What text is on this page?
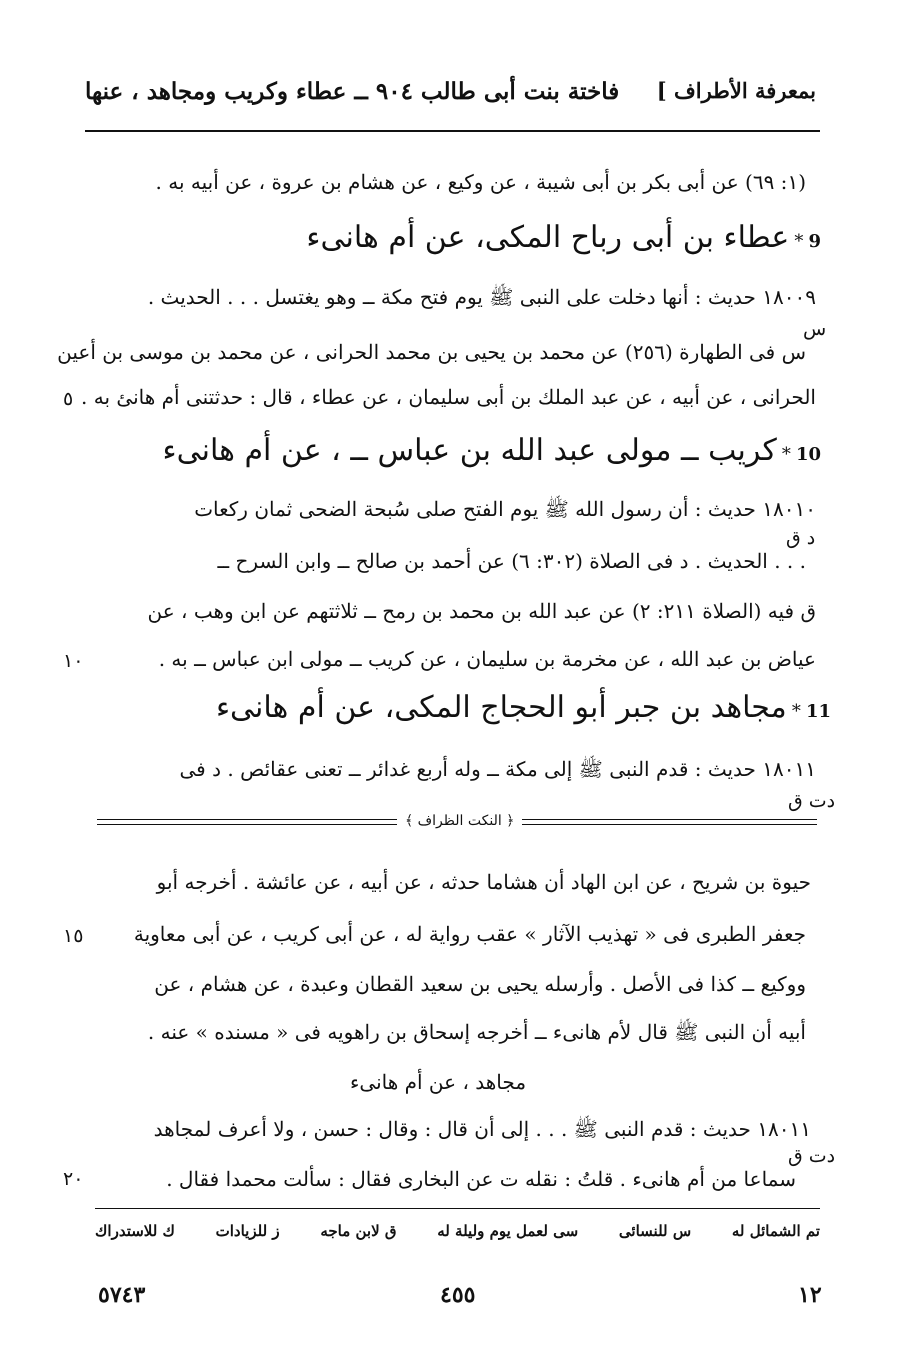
فاختة بنت أبى طالب ٩٠٤ ــ عطاء وكريب ومجاهد ، عنها بمعرفة الأطراف ]
(١: ٦٩) عن أبى بكر بن أبى شيبة ، عن وكيع ، عن هشام بن عروة ، عن أبيه به .
9 * عطاء بن أبى رباح المكى، عن أم هانىء
١٨٠٠٩ حديث : أنها دخلت على النبى ﷺ يوم فتح مكة ــ وهو يغتسل . . . الحديث .
س فى الطهارة (٢٥٦) عن محمد بن يحيى بن محمد الحرانى ، عن محمد بن موسى بن أعين
الحرانى ، عن أبيه ، عن عبد الملك بن أبى سليمان ، عن عطاء ، قال : حدثتنى أم هانئ به .
10 * كريب ــ مولى عبد الله بن عباس ــ ، عن أم هانىء
١٨٠١٠ حديث : أن رسول الله ﷺ يوم الفتح صلى سُبحة الضحى ثمان ركعات
. . . الحديث . د فى الصلاة (٣٠٢: ٦) عن أحمد بن صالح ــ وابن السرح ــ
ق فيه (الصلاة ٢١١: ٢) عن عبد الله بن محمد بن رمح ــ ثلاثتهم عن ابن وهب ، عن
عياض بن عبد الله ، عن مخرمة بن سليمان ، عن كريب ــ مولى ابن عباس ــ به .
11 * مجاهد بن جبر أبو الحجاج المكى، عن أم هانىء
١٨٠١١ حديث : قدم النبى ﷺ إلى مكة ــ وله أربع غدائر ــ تعنى عقائص . د فى
س
د ق
دت ق
دت ق
٥
١٠
١٥
٢٠
﴿ النكت الظراف ﴾
حيوة بن شريح ، عن ابن الهاد أن هشاما حدثه ، عن أبيه ، عن عائشة . أخرجه أبو
جعفر الطبرى فى « تهذيب الآثار » عقب رواية له ، عن أبى كريب ، عن أبى معاوية
ووكيع ــ كذا فى الأصل . وأرسله يحيى بن سعيد القطان وعبدة ، عن هشام ، عن
أبيه أن النبى ﷺ قال لأم هانىء ــ أخرجه إسحاق بن راهويه فى « مسنده » عنه .
مجاهد ، عن أم هانىء
١٨٠١١ حديث : قدم النبى ﷺ . . . إلى أن قال : وقال : حسن ، ولا أعرف لمجاهد
سماعا من أم هانىء . قلتُ : نقله ت عن البخارى فقال : سألت محمدا فقال .
تم الشمائل له
س للنسائى
سى لعمل يوم وليلة له
ق لابن ماجه
ز للزيادات
ك للاستدراك
٥٧٤٣	٤٥٥	١٢
